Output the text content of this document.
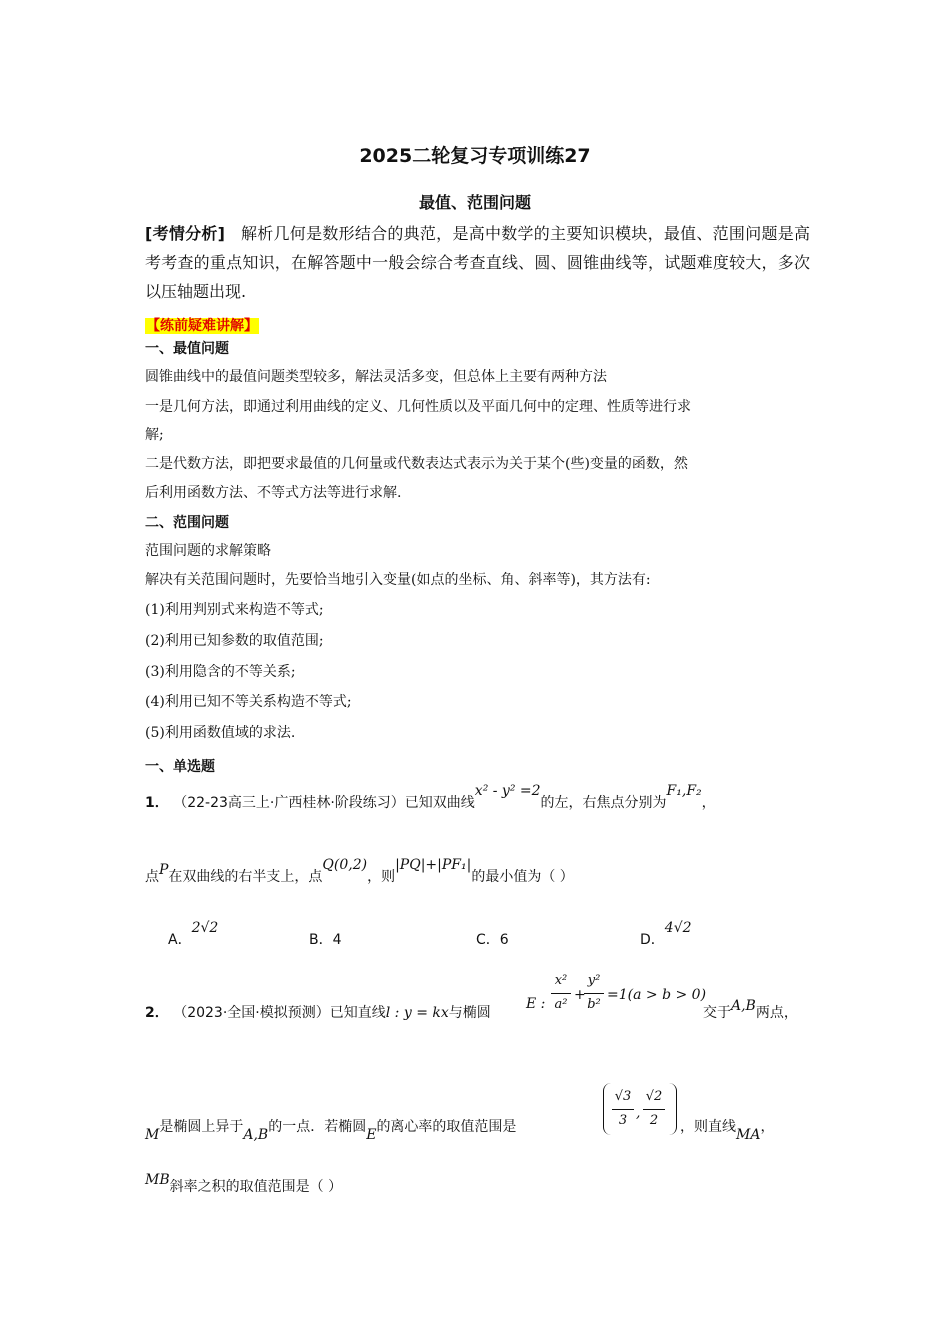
2025二轮复习专项训练27
最值、范围问题
[考情分析] 解析几何是数形结合的典范，是高中数学的主要知识模块，最值、范围问题是高考考查的重点知识，在解答题中一般会综合考查直线、圆、圆锥曲线等，试题难度较大，多次以压轴题出现.
【练前疑难讲解】
一、最值问题
圆锥曲线中的最值问题类型较多，解法灵活多变，但总体上主要有两种方法
一是几何方法，即通过利用曲线的定义、几何性质以及平面几何中的定理、性质等进行求
解;
二是代数方法，即把要求最值的几何量或代数表达式表示为关于某个(些)变量的函数，然
后利用函数方法、不等式方法等进行求解.
二、范围问题
范围问题的求解策略
解决有关范围问题时，先要恰当地引入变量(如点的坐标、角、斜率等)，其方法有:
(1)利用判别式来构造不等式;
(2)利用已知参数的取值范围;
(3)利用隐含的不等关系;
(4)利用已知不等关系构造不等式;
(5)利用函数值域的求法.
一、单选题
1． （22-23高三上·广西桂林·阶段练习）已知双曲线x² - y² =2的左，右焦点分别为F₁,F₂，
点P在双曲线的右半支上，点Q(0,2)，则|PQ|+|PF₁|的最小值为（ ）
A．2√2
B．4	C．6	D．4√2
2． （2023·全国·模拟预测）已知直线l : y = kx与椭圆
E :
x²
a²
+
y²
b²
=1(a > b > 0)
交于A,B两点，
M是椭圆上异于A,B的一点．若椭圆E的离心率的取值范围是
√3
3 ,
√2
2	，则直线MA，
MB斜率之积的取值范围是（ ）
